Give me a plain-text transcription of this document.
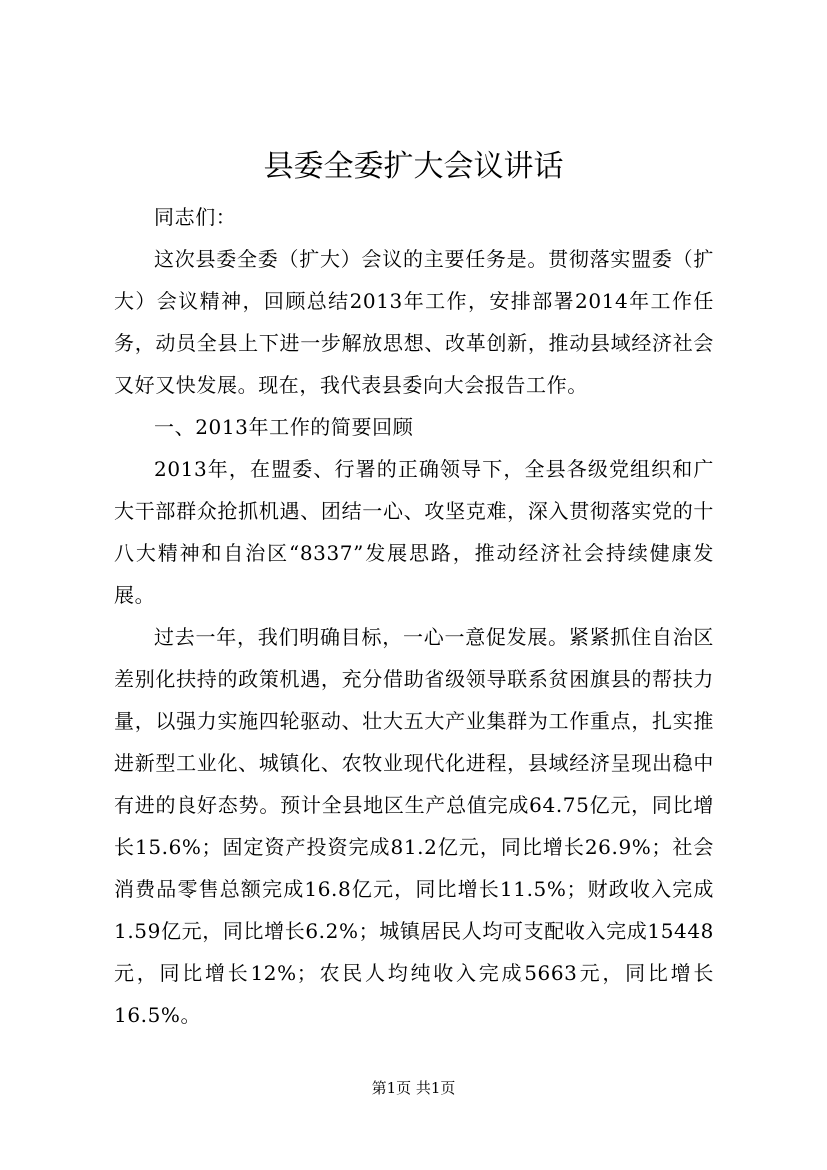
县委全委扩大会议讲话

同志们：

这次县委全委（扩大）会议的主要任务是。贯彻落实盟委（扩大）会议精神，回顾总结2013年工作，安排部署2014年工作任务，动员全县上下进一步解放思想、改革创新，推动县域经济社会又好又快发展。现在，我代表县委向大会报告工作。

一、2013年工作的简要回顾

2013年，在盟委、行署的正确领导下，全县各级党组织和广大干部群众抢抓机遇、团结一心、攻坚克难，深入贯彻落实党的十八大精神和自治区“8337”发展思路，推动经济社会持续健康发展。

过去一年，我们明确目标，一心一意促发展。紧紧抓住自治区差别化扶持的政策机遇，充分借助省级领导联系贫困旗县的帮扶力量，以强力实施四轮驱动、壮大五大产业集群为工作重点，扎实推进新型工业化、城镇化、农牧业现代化进程，县域经济呈现出稳中有进的良好态势。预计全县地区生产总值完成64.75亿元，同比增长15.6%；固定资产投资完成81.2亿元，同比增长26.9%；社会消费品零售总额完成16.8亿元，同比增长11.5%；财政收入完成1.59亿元，同比增长6.2%；城镇居民人均可支配收入完成15448元，同比增长12%；农民人均纯收入完成5663元，同比增长16.5%。

第1页 共1页
